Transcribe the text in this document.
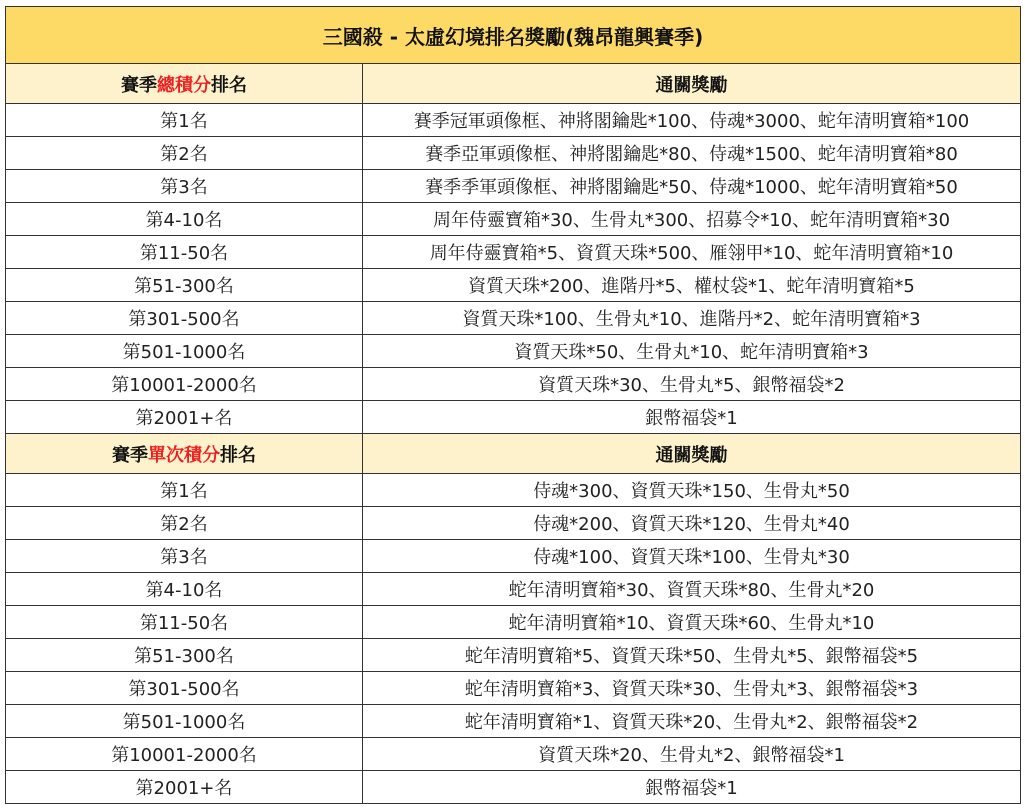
三國殺 - 太虛幻境排名獎勵(魏昂龍興賽季)	
賽季總積分排名	通關獎勵
第1名	賽季冠軍頭像框、神將閣鑰匙*100、侍魂*3000、蛇年清明寶箱*100
第2名	賽季亞軍頭像框、神將閣鑰匙*80、侍魂*1500、蛇年清明寶箱*80
第3名	賽季季軍頭像框、神將閣鑰匙*50、侍魂*1000、蛇年清明寶箱*50
第4-10名	周年侍靈寶箱*30、生骨丸*300、招募令*10、蛇年清明寶箱*30
第11-50名	周年侍靈寶箱*5、資質天珠*500、雁翎甲*10、蛇年清明寶箱*10
第51-300名	資質天珠*200、進階丹*5、權杖袋*1、蛇年清明寶箱*5
第301-500名	資質天珠*100、生骨丸*10、進階丹*2、蛇年清明寶箱*3
第501-1000名	資質天珠*50、生骨丸*10、蛇年清明寶箱*3
第10001-2000名	資質天珠*30、生骨丸*5、銀幣福袋*2
第2001+名	銀幣福袋*1
賽季單次積分排名	通關獎勵
第1名	侍魂*300、資質天珠*150、生骨丸*50
第2名	侍魂*200、資質天珠*120、生骨丸*40
第3名	侍魂*100、資質天珠*100、生骨丸*30
第4-10名	蛇年清明寶箱*30、資質天珠*80、生骨丸*20
第11-50名	蛇年清明寶箱*10、資質天珠*60、生骨丸*10
第51-300名	蛇年清明寶箱*5、資質天珠*50、生骨丸*5、銀幣福袋*5
第301-500名	蛇年清明寶箱*3、資質天珠*30、生骨丸*3、銀幣福袋*3
第501-1000名	蛇年清明寶箱*1、資質天珠*20、生骨丸*2、銀幣福袋*2
第10001-2000名	資質天珠*20、生骨丸*2、銀幣福袋*1
第2001+名	銀幣福袋*1
